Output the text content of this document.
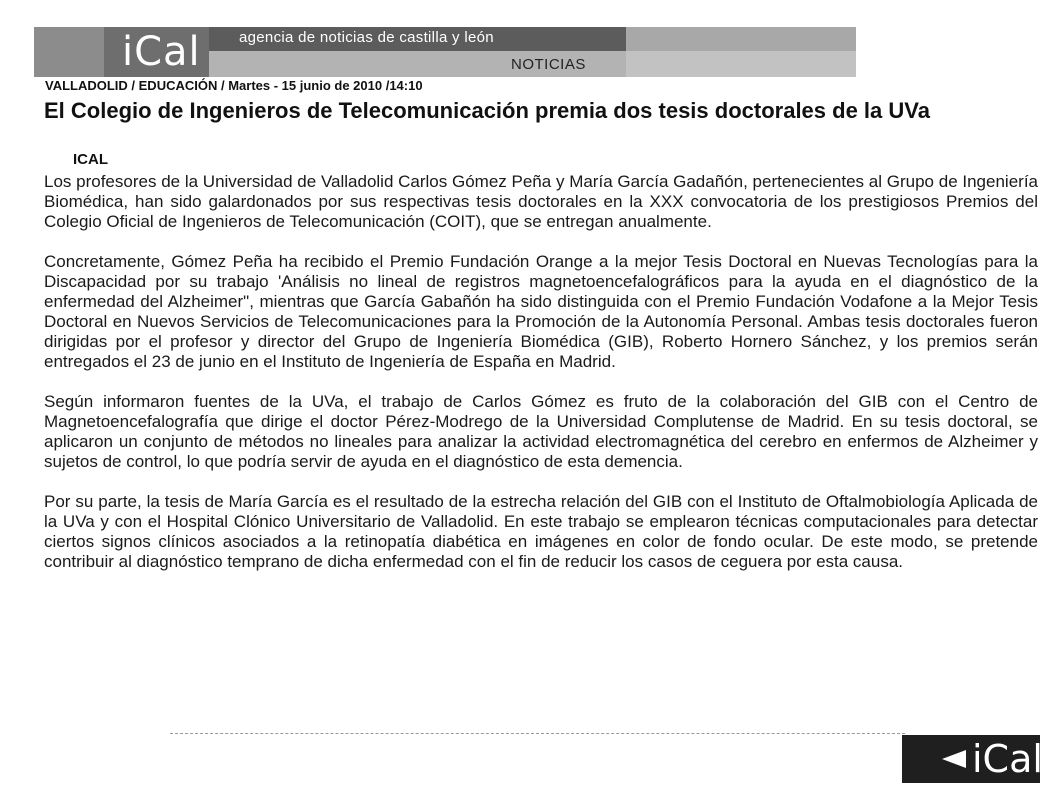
iCal	agencia de noticias de castilla y león
NOTICIAS
VALLADOLID / EDUCACIÓN / Martes - 15 junio de 2010 /14:10
El Colegio de Ingenieros de Telecomunicación premia dos tesis doctorales de la UVa
ICAL

Los profesores de la Universidad de Valladolid Carlos Gómez Peña y María García Gadañón, pertenecientes al Grupo de Ingeniería Biomédica, han sido galardonados por sus respectivas tesis doctorales en la XXX convocatoria de los prestigiosos Premios del Colegio Oficial de Ingenieros de Telecomunicación (COIT), que se entregan anualmente.

Concretamente, Gómez Peña ha recibido el Premio Fundación Orange a la mejor Tesis Doctoral en Nuevas Tecnologías para la Discapacidad por su trabajo 'Análisis no lineal de registros magnetoencefalográficos para la ayuda en el diagnóstico de la enfermedad del Alzheimer", mientras que García Gabañón ha sido distinguida con el Premio Fundación Vodafone a la Mejor Tesis Doctoral en Nuevos Servicios de Telecomunicaciones para la Promoción de la Autonomía Personal. Ambas tesis doctorales fueron dirigidas por el profesor y director del Grupo de Ingeniería Biomédica (GIB), Roberto Hornero Sánchez, y los premios serán entregados el 23 de junio en el Instituto de Ingeniería de España en Madrid.

Según informaron fuentes de la UVa, el trabajo de Carlos Gómez es fruto de la colaboración del GIB con el Centro de Magnetoencefalografía que dirige el doctor Pérez-Modrego de la Universidad Complutense de Madrid. En su tesis doctoral, se aplicaron un conjunto de métodos no lineales para analizar la actividad electromagnética del cerebro en enfermos de Alzheimer y sujetos de control, lo que podría servir de ayuda en el diagnóstico de esta demencia.

Por su parte, la tesis de María García es el resultado de la estrecha relación del GIB con el Instituto de Oftalmobiología Aplicada de la UVa y con el Hospital Clónico Universitario de Valladolid. En este trabajo se emplearon técnicas computacionales para detectar ciertos signos clínicos asociados a la retinopatía diabética en imágenes en color de fondo ocular. De este modo, se pretende contribuir al diagnóstico temprano de dicha enfermedad con el fin de reducir los casos de ceguera por esta causa.

iCal
